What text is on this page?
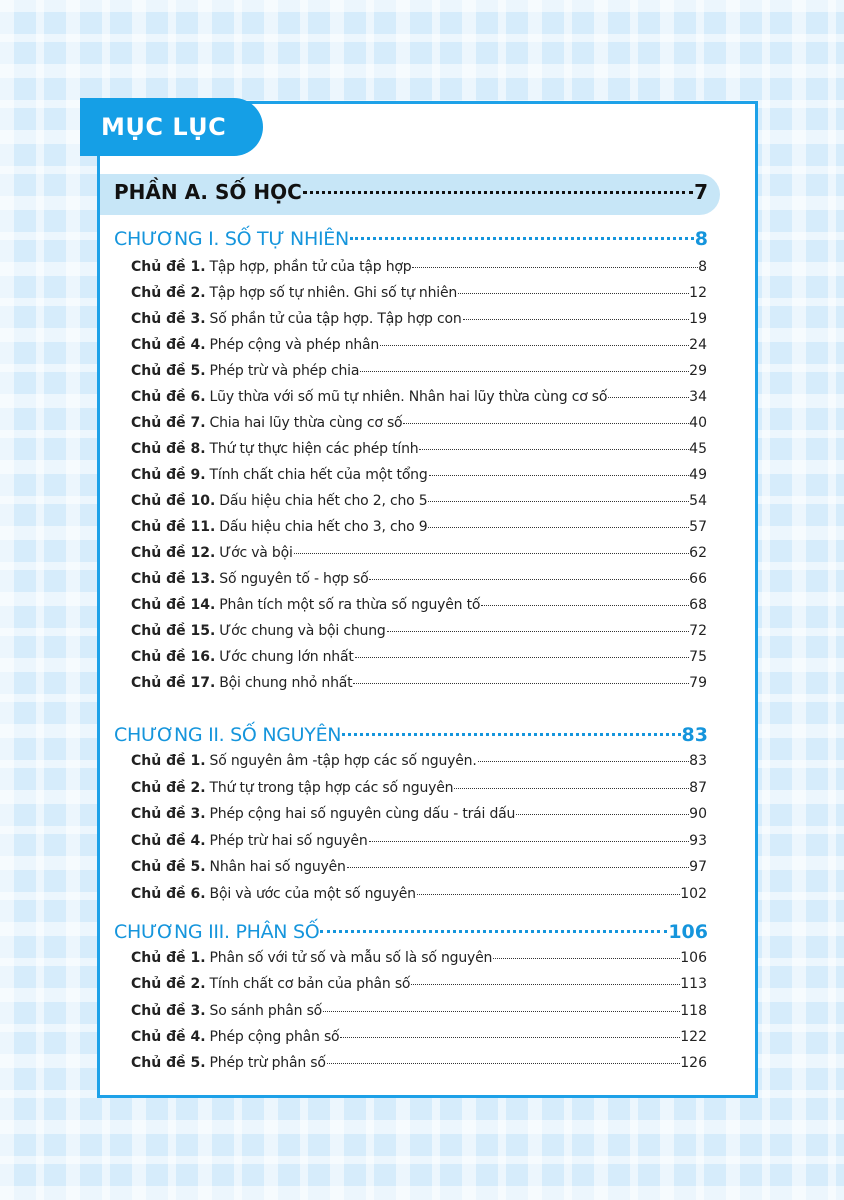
MỤC LỤC
PHẦN A. SỐ HỌC	7
CHƯƠNG I. SỐ TỰ NHIÊN	8
Chủ đề 1. Tập hợp, phần tử của tập hợp	8
Chủ đề 2. Tập hợp số tự nhiên. Ghi số tự nhiên	12
Chủ đề 3. Số phần tử của tập hợp. Tập hợp con	19
Chủ đề 4. Phép cộng và phép nhân	24
Chủ đề 5. Phép trừ và phép chia	29
Chủ đề 6. Lũy thừa với số mũ tự nhiên. Nhân hai lũy thừa cùng cơ số	34
Chủ đề 7. Chia hai lũy thừa cùng cơ số	40
Chủ đề 8. Thứ tự thực hiện các phép tính	45
Chủ đề 9. Tính chất chia hết của một tổng	49
Chủ đề 10. Dấu hiệu chia hết cho 2, cho 5	54
Chủ đề 11. Dấu hiệu chia hết cho 3, cho 9	57
Chủ đề 12. Ước và bội	62
Chủ đề 13. Số nguyên tố - hợp số	66
Chủ đề 14. Phân tích một số ra thừa số nguyên tố	68
Chủ đề 15. Ước chung và bội chung	72
Chủ đề 16. Ước chung lớn nhất	75
Chủ đề 17. Bội chung nhỏ nhất	79
CHƯƠNG II. SỐ NGUYÊN	83
Chủ đề 1. Số nguyên âm -tập hợp các số nguyên.	83
Chủ đề 2. Thứ tự trong tập hợp các số nguyên	87
Chủ đề 3. Phép cộng hai số nguyên cùng dấu - trái dấu	90
Chủ đề 4. Phép trừ hai số nguyên	93
Chủ đề 5. Nhân hai số nguyên	97
Chủ đề 6. Bội và ước của một số nguyên	102
CHƯƠNG III. PHÂN SỐ	106
Chủ đề 1. Phân số với tử số và mẫu số là số nguyên	106
Chủ đề 2. Tính chất cơ bản của phân số	113
Chủ đề 3. So sánh phân số	118
Chủ đề 4. Phép cộng phân số	122
Chủ đề 5. Phép trừ phân số	126
